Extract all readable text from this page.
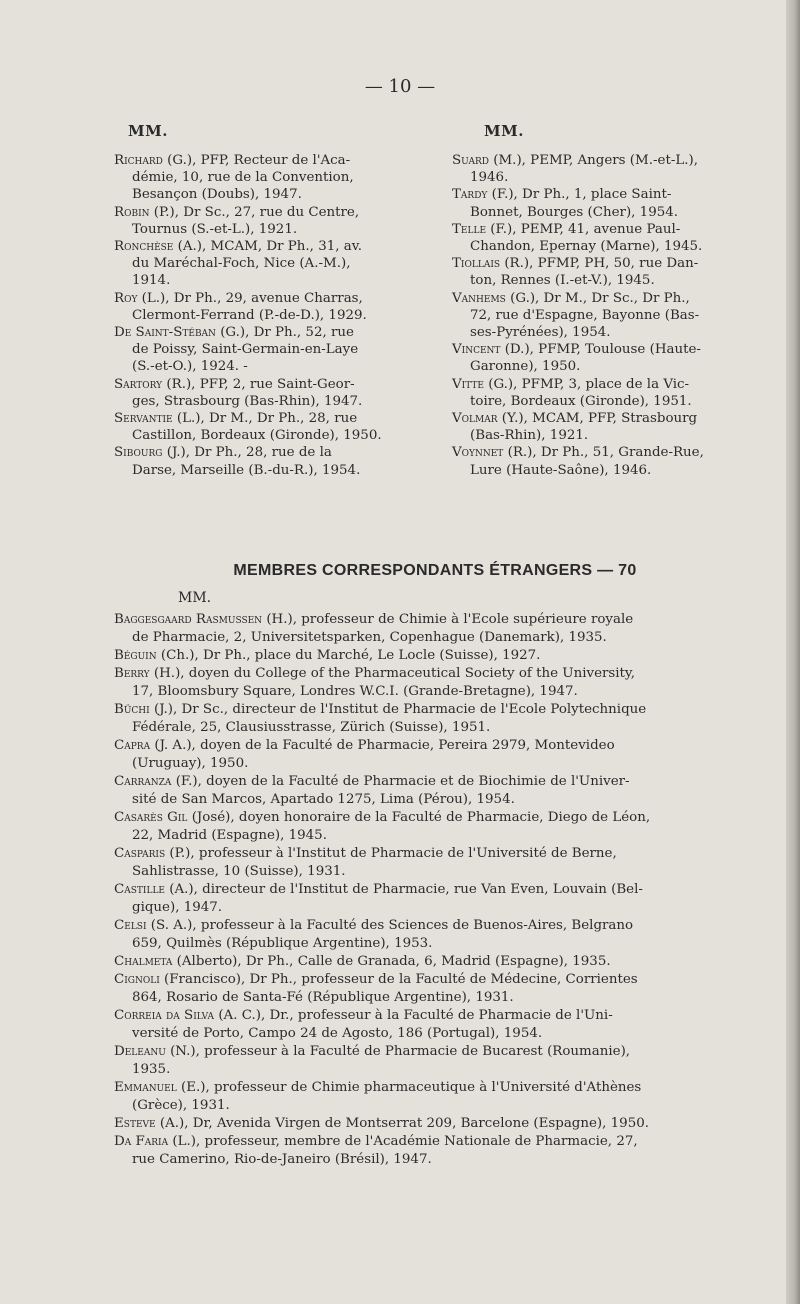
— 10 —
MM.	MM.

Richard (G.), PFP, Recteur de l'Aca-
démie, 10, rue de la Convention,
Besançon (Doubs), 1947.

Robin (P.), Dr Sc., 27, rue du Centre,
Tournus (S.-et-L.), 1921.

Ronchèse (A.), MCAM, Dr Ph., 31, av.
du Maréchal-Foch, Nice (A.-M.),
1914.

Roy (L.), Dr Ph., 29, avenue Charras,
Clermont-Ferrand (P.-de-D.), 1929.

De Saint-Stéban (G.), Dr Ph., 52, rue
de Poissy, Saint-Germain-en-Laye
(S.-et-O.), 1924. -

Sartory (R.), PFP, 2, rue Saint-Geor-
ges, Strasbourg (Bas-Rhin), 1947.

Servantie (L.), Dr M., Dr Ph., 28, rue
Castillon, Bordeaux (Gironde), 1950.

Sibourg (J.), Dr Ph., 28, rue de la
Darse, Marseille (B.-du-R.), 1954.

Suard (M.), PEMP, Angers (M.-et-L.),
1946.

Tardy (F.), Dr Ph., 1, place Saint-
Bonnet, Bourges (Cher), 1954.

Telle (F.), PEMP, 41, avenue Paul-
Chandon, Epernay (Marne), 1945.

Tiollais (R.), PFMP, PH, 50, rue Dan-
ton, Rennes (I.-et-V.), 1945.

Vanhems (G.), Dr M., Dr Sc., Dr Ph.,
72, rue d'Espagne, Bayonne (Bas-
ses-Pyrénées), 1954.

Vincent (D.), PFMP, Toulouse (Haute-
Garonne), 1950.

Vitte (G.), PFMP, 3, place de la Vic-
toire, Bordeaux (Gironde), 1951.

Volmar (Y.), MCAM, PFP, Strasbourg
(Bas-Rhin), 1921.

Voynnet (R.), Dr Ph., 51, Grande-Rue,
Lure (Haute-Saône), 1946.

MEMBRES CORRESPONDANTS ÉTRANGERS — 70
MM.

Baggesgaard Rasmussen (H.), professeur de Chimie à l'Ecole supérieure royale
de Pharmacie, 2, Universitetsparken, Copenhague (Danemark), 1935.

Béguin (Ch.), Dr Ph., place du Marché, Le Locle (Suisse), 1927.

Berry (H.), doyen du College of the Pharmaceutical Society of the University,
17, Bloomsbury Square, Londres W.C.I. (Grande-Bretagne), 1947.

Büchi (J.), Dr Sc., directeur de l'Institut de Pharmacie de l'Ecole Polytechnique
Fédérale, 25, Clausiusstrasse, Zürich (Suisse), 1951.

Capra (J. A.), doyen de la Faculté de Pharmacie, Pereira 2979, Montevideo
(Uruguay), 1950.

Carranza (F.), doyen de la Faculté de Pharmacie et de Biochimie de l'Univer-
sité de San Marcos, Apartado 1275, Lima (Pérou), 1954.

Casarès Gil (José), doyen honoraire de la Faculté de Pharmacie, Diego de Léon,
22, Madrid (Espagne), 1945.

Casparis (P.), professeur à l'Institut de Pharmacie de l'Université de Berne,
Sahlistrasse, 10 (Suisse), 1931.

Castille (A.), directeur de l'Institut de Pharmacie, rue Van Even, Louvain (Bel-
gique), 1947.

Celsi (S. A.), professeur à la Faculté des Sciences de Buenos-Aires, Belgrano
659, Quilmès (République Argentine), 1953.

Chalmeta (Alberto), Dr Ph., Calle de Granada, 6, Madrid (Espagne), 1935.

Cignoli (Francisco), Dr Ph., professeur de la Faculté de Médecine, Corrientes
864, Rosario de Santa-Fé (République Argentine), 1931.

Correia da Silva (A. C.), Dr., professeur à la Faculté de Pharmacie de l'Uni-
versité de Porto, Campo 24 de Agosto, 186 (Portugal), 1954.

Deleanu (N.), professeur à la Faculté de Pharmacie de Bucarest (Roumanie),
1935.

Emmanuel (E.), professeur de Chimie pharmaceutique à l'Université d'Athènes
(Grèce), 1931.

Esteve (A.), Dr, Avenida Virgen de Montserrat 209, Barcelone (Espagne), 1950.

Da Faria (L.), professeur, membre de l'Académie Nationale de Pharmacie, 27,
rue Camerino, Rio-de-Janeiro (Brésil), 1947.
